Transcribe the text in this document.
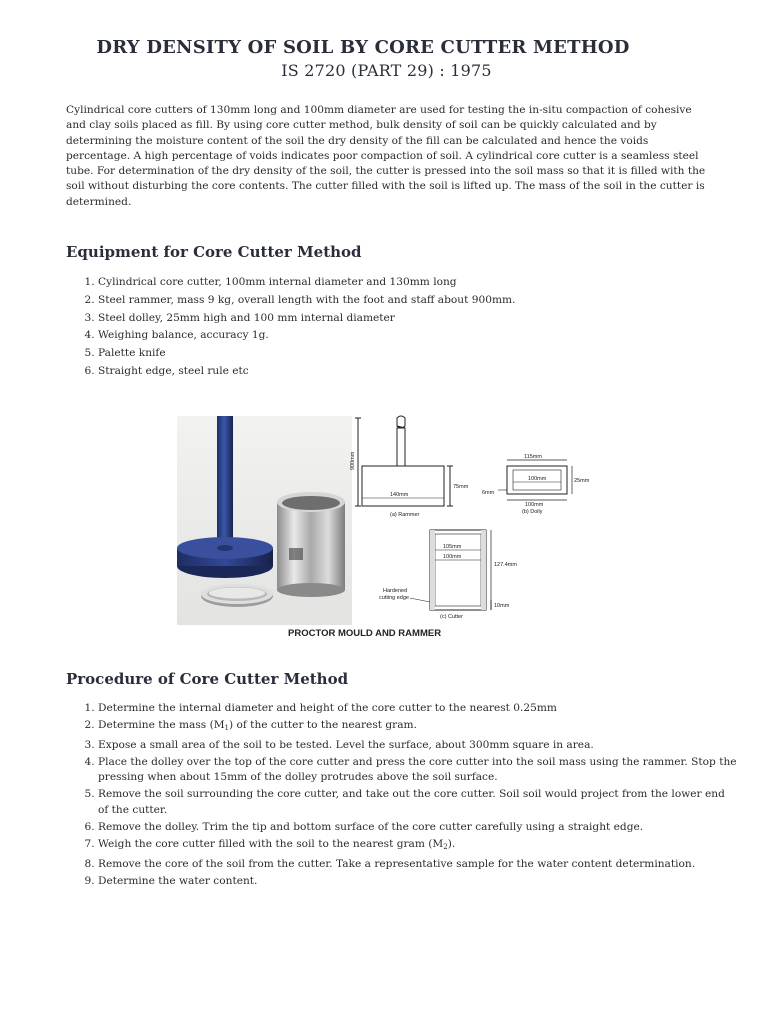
DRY DENSITY OF SOIL BY CORE CUTTER METHOD
IS 2720 (PART 29) : 1975

Cylindrical core cutters of 130mm long and 100mm diameter are used for testing the in-situ compaction of cohesive and clay soils placed as fill. By using core cutter method, bulk density of soil can be quickly calculated and by determining the moisture content of the soil the dry density of the fill can be calculated and hence the voids percentage. A high percentage of voids indicates poor compaction of soil. A cylindrical core cutter is a seamless steel tube. For determination of the dry density of the soil, the cutter is pressed into the soil mass so that it is filled with the soil without disturbing the core contents. The cutter filled with the soil is lifted up. The mass of the soil in the cutter is determined.

Equipment for Core Cutter Method
1. Cylindrical core cutter, 100mm internal diameter and 130mm long
2. Steel rammer, mass 9 kg, overall length with the foot and staff about 900mm.
3. Steel dolley, 25mm high and 100 mm internal diameter
4. Weighing balance, accuracy 1g.
5. Palette knife
6. Straight edge, steel rule etc
900mm
140mm
75mm
(a) Rammer
115mm
100mm
100mm
25mm
6mm
(b) Dolly
105mm
100mm
127.4mm
10mm
Hardened
cutting edge
(c) Cutter
PROCTOR MOULD AND RAMMER
Procedure of Core Cutter Method
1. Determine the internal diameter and height of the core cutter to the nearest 0.25mm
2. Determine the mass $(M_1)$ of the cutter to the nearest gram.
3. Expose a small area of the soil to be tested. Level the surface, about 300mm square in area.
4. Place the dolley over the top of the core cutter and press the core cutter into the soil mass using the rammer. Stop the pressing when about 15mm of the dolley protrudes above the soil surface.
5. Remove the soil surrounding the core cutter, and take out the core cutter. Soil soil would project from the lower end of the cutter.
6. Remove the dolley. Trim the tip and bottom surface of the core cutter carefully using a straight edge.
7. Weigh the core cutter filled with the soil to the nearest gram $(M_2)$.
8. Remove the core of the soil from the cutter. Take a representative sample for the water content determination.
9. Determine the water content.
